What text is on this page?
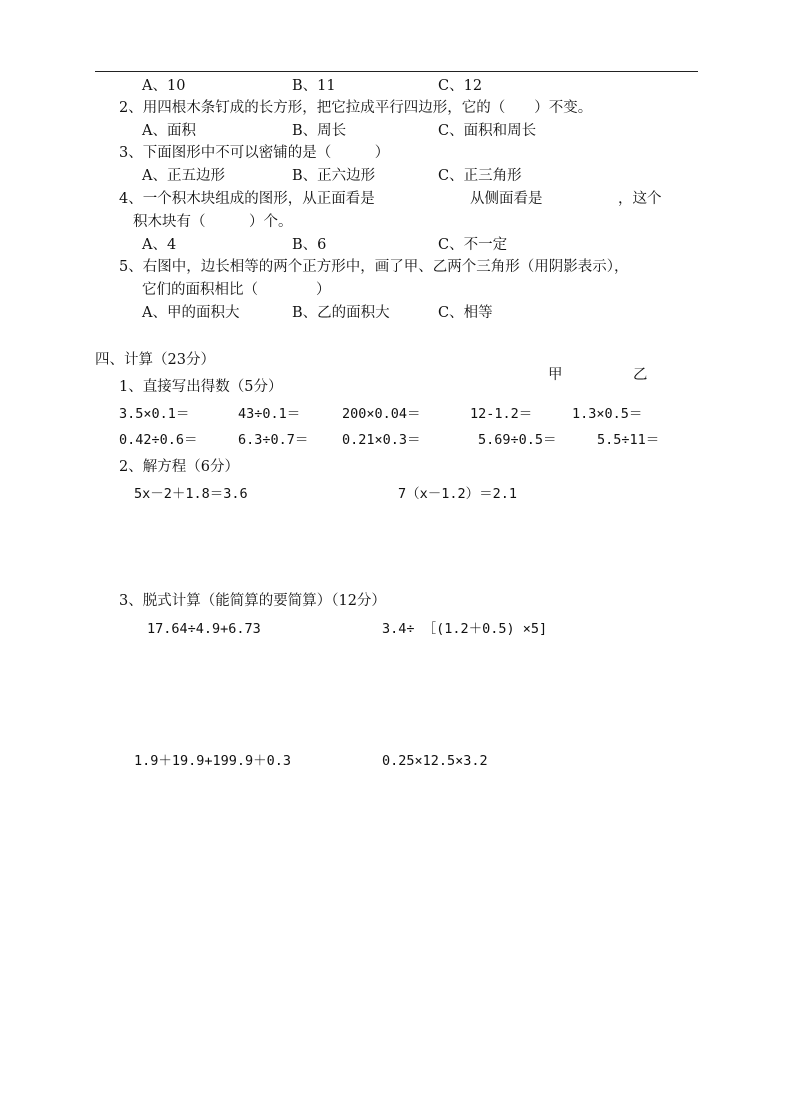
A、10	B、11	C、12
2、用四根木条钉成的长方形，把它拉成平行四边形，它的（　　）不变。
A、面积	B、周长	C、面积和周长
3、下面图形中不可以密铺的是（　　　）
A、正五边形	B、正六边形	C、正三角形
4、一个积木块组成的图形，从正面看是	从侧面看是	，这个
积木块有（　　　）个。
A、4	B、6	C、不一定
5、右图中，边长相等的两个正方形中，画了甲、乙两个三角形（用阴影表示），
它们的面积相比（　　　　）
A、甲的面积大	B、乙的面积大	C、相等
四、计算（23分）
甲	乙
1、直接写出得数（5分）
3.5×0.1＝	43÷0.1＝	200×0.04＝	12-1.2＝	1.3×0.5＝
0.42÷0.6＝	6.3÷0.7＝ 0.21×0.3＝	5.69÷0.5＝	5.5÷11＝
2、解方程（6分）
5x－2＋1.8＝3.6	7（x－1.2）＝2.1
3、脱式计算（能简算的要简算）（12分）
17.64÷4.9+6.73	3.4÷ ［(1.2＋0.5) ×5]
1.9＋19.9+199.9＋0.3	0.25×12.5×3.2
